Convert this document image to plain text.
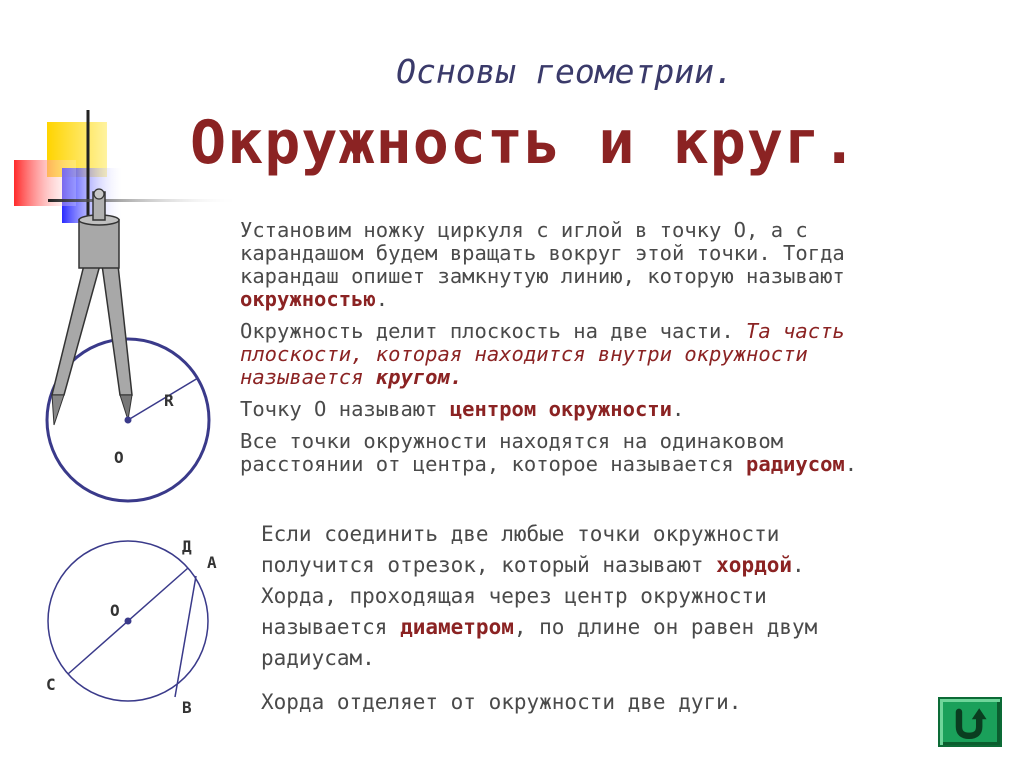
Основы геометрии.
Окружность и круг.
R
O
Установим ножку циркуля с иглой в точку О, а с
карандашом будем вращать вокруг этой точки. Тогда
карандаш опишет замкнутую линию, которую называют
окружностью.
Окружность делит плоскость на две части. Та часть
плоскости, которая находится внутри окружности
называется кругом.
Точку О называют центром окружности.
Все точки окружности находятся на одинаковом
расстоянии от центра, которое называется радиусом.
Д
A
O
C
B
Если соединить две любые точки окружности
получится отрезок, который называют хордой.
Хорда, проходящая через центр окружности
называется диаметром, по длине он равен двум
радиусам.
Хорда отделяет от окружности две дуги.
